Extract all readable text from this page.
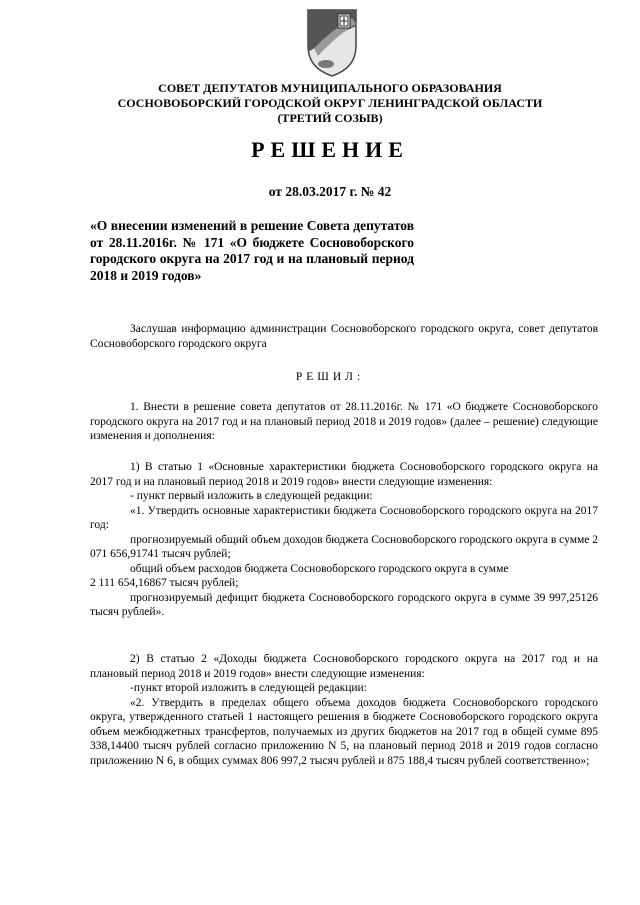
СОВЕТ ДЕПУТАТОВ МУНИЦИПАЛЬНОГО ОБРАЗОВАНИЯ
СОСНОВОБОРСКИЙ ГОРОДСКОЙ ОКРУГ ЛЕНИНГРАДСКОЙ ОБЛАСТИ
(ТРЕТИЙ СОЗЫВ)
РЕШЕНИЕ
от 28.03.2017 г. № 42
«О внесении изменений в решение Совета депутатов от 28.11.2016г. № 171 «О бюджете Сосновоборского городского округа на 2017 год и на плановый период 2018 и 2019 годов»
Заслушав информацию администрации Сосновоборского городского округа, совет депутатов Сосновоборского городского округа
РЕШИЛ:
1. Внести в решение совета депутатов от 28.11.2016г. № 171 «О бюджете Сосновоборского городского округа на 2017 год и на плановый период 2018 и 2019 годов» (далее – решение) следующие изменения и дополнения:
1) В статью 1 «Основные характеристики бюджета Сосновоборского городского округа на 2017 год и на плановый период 2018 и 2019 годов» внести следующие изменения:
- пункт первый изложить в следующей редакции:
«1. Утвердить основные характеристики бюджета Сосновоборского городского округа на 2017 год:
прогнозируемый общий объем доходов бюджета Сосновоборского городского округа в сумме 2 071 656,91741 тысяч рублей;
общий объем расходов бюджета Сосновоборского городского округа в сумме
2 111 654,16867 тысяч рублей;
прогнозируемый дефицит бюджета Сосновоборского городского округа в сумме 39 997,25126 тысяч рублей».
2) В статью 2 «Доходы бюджета Сосновоборского городского округа на 2017 год и на плановый период 2018 и 2019 годов» внести следующие изменения:
-пункт второй изложить в следующей редакции:
«2. Утвердить в пределах общего объема доходов бюджета Сосновоборского городского округа, утвержденного статьей 1 настоящего решения в бюджете Сосновоборского городского округа объем межбюджетных трансфертов, получаемых из других бюджетов на 2017 год в общей сумме 895 338,14400 тысяч рублей согласно приложению N 5, на плановый период 2018 и 2019 годов согласно приложению N 6, в общих суммах 806 997,2 тысяч рублей и 875 188,4 тысяч рублей соответственно»;
